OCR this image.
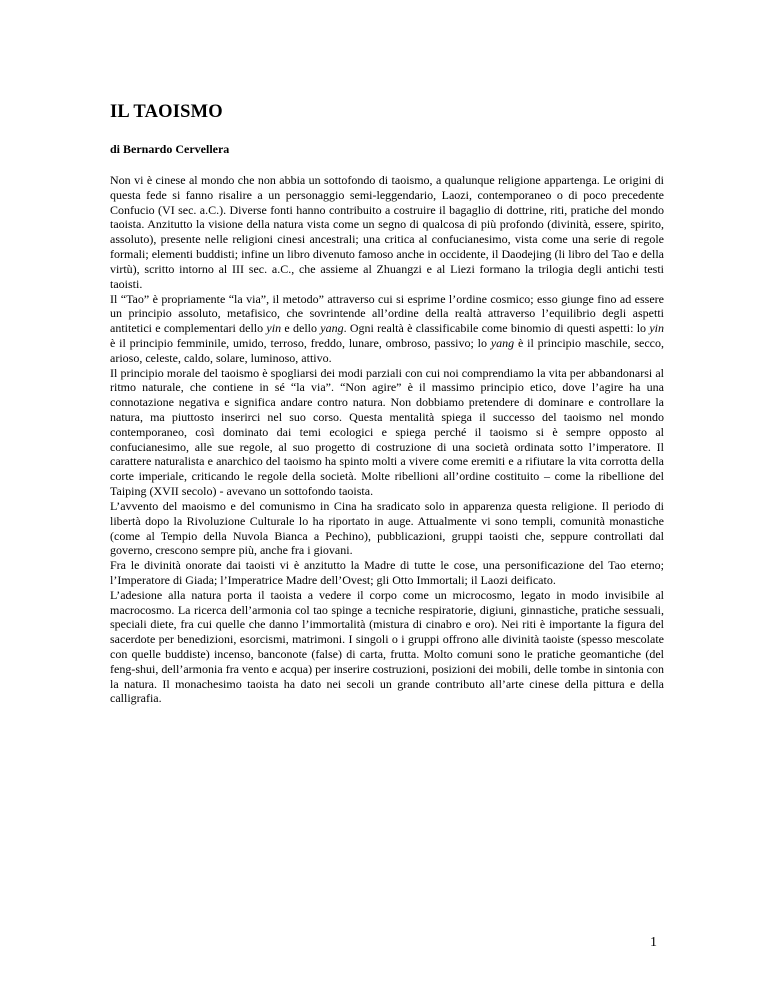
IL TAOISMO

di Bernardo Cervellera

Non vi è cinese al mondo che non abbia un sottofondo di taoismo, a qualunque religione appartenga. Le origini di questa fede si fanno risalire a un personaggio semi-leggendario, Laozi, contemporaneo o di poco precedente Confucio (VI sec. a.C.). Diverse fonti hanno contribuito a costruire il bagaglio di dottrine, riti, pratiche del mondo taoista. Anzitutto la visione della natura vista come un segno di qualcosa di più profondo (divinità, essere, spirito, assoluto), presente nelle religioni cinesi ancestrali; una critica al confucianesimo, vista come una serie di regole formali; elementi buddisti; infine un libro divenuto famoso anche in occidente, il Daodejing (li libro del Tao e della virtù), scritto intorno al III sec. a.C., che assieme al Zhuangzi e al Liezi formano la trilogia degli antichi testi taoisti.

Il “Tao” è propriamente “la via”, il metodo” attraverso cui si esprime l’ordine cosmico; esso giunge fino ad essere un principio assoluto, metafisico, che sovrintende all’ordine della realtà attraverso l’equilibrio degli aspetti antitetici e complementari dello yin e dello yang. Ogni realtà è classificabile come binomio di questi aspetti: lo yin è il principio femminile, umido, terroso, freddo, lunare, ombroso, passivo; lo yang è il principio maschile, secco, arioso, celeste, caldo, solare, luminoso, attivo.

Il principio morale del taoismo è spogliarsi dei modi parziali con cui noi comprendiamo la vita per abbandonarsi al ritmo naturale, che contiene in sé “la via”. “Non agire” è il massimo principio etico, dove l’agire ha una connotazione negativa e significa andare contro natura. Non dobbiamo pretendere di dominare e controllare la natura, ma piuttosto inserirci nel suo corso. Questa mentalità spiega il successo del taoismo nel mondo contemporaneo, così dominato dai temi ecologici e spiega perché il taoismo si è sempre opposto al confucianesimo, alle sue regole, al suo progetto di costruzione di una società ordinata sotto l’imperatore. Il carattere naturalista e anarchico del taoismo ha spinto molti a vivere come eremiti e a rifiutare la vita corrotta della corte imperiale, criticando le regole della società. Molte ribellioni all’ordine costituito – come la ribellione del Taiping (XVII secolo) - avevano un sottofondo taoista.

L’avvento del maoismo e del comunismo in Cina ha sradicato solo in apparenza questa religione. Il periodo di libertà dopo la Rivoluzione Culturale lo ha riportato in auge. Attualmente vi sono templi, comunità monastiche (come al Tempio della Nuvola Bianca a Pechino), pubblicazioni, gruppi taoisti che, seppure controllati dal governo, crescono sempre più, anche fra i giovani.

Fra le divinità onorate dai taoisti vi è anzitutto la Madre di tutte le cose, una personificazione del Tao eterno; l’Imperatore di Giada; l’Imperatrice Madre dell’Ovest; gli Otto Immortali; il Laozi deificato.

L’adesione alla natura porta il taoista a vedere il corpo come un microcosmo, legato in modo invisibile al macrocosmo. La ricerca dell’armonia col tao spinge a tecniche respiratorie, digiuni, ginnastiche, pratiche sessuali, speciali diete, fra cui quelle che danno l’immortalità (mistura di cinabro e oro). Nei riti è importante la figura del sacerdote per benedizioni, esorcismi, matrimoni. I singoli o i gruppi offrono alle divinità taoiste (spesso mescolate con quelle buddiste) incenso, banconote (false) di carta, frutta. Molto comuni sono le pratiche geomantiche (del feng-shui, dell’armonia fra vento e acqua) per inserire costruzioni, posizioni dei mobili, delle tombe in sintonia con la natura. Il monachesimo taoista ha dato nei secoli un grande contributo all’arte cinese della pittura e della calligrafia.

1
